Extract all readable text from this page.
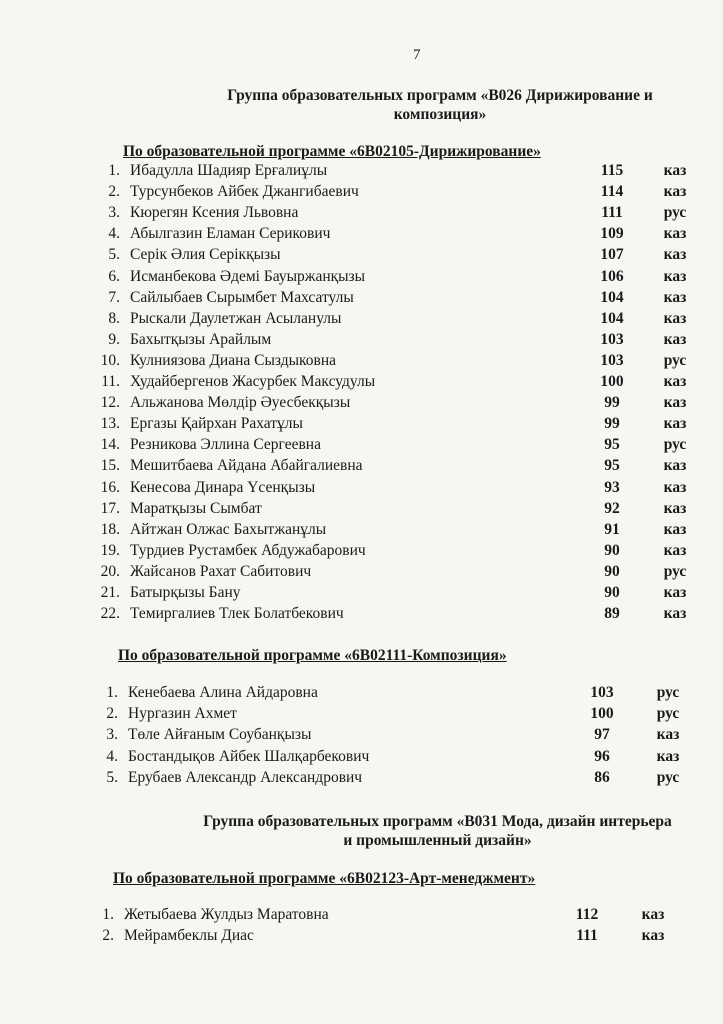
7
Группа образовательных программ «В026 Дирижирование и
композиция»
По образовательной программе «6В02105-Дирижирование»
1. Ибадулла Шадияр Ерғалиұлы	115	каз
2. Турсунбеков Айбек Джангибаевич	114	каз
3. Кюрегян Ксения Львовна	111	рус
4. Абылгазин Еламан Серикович	109	каз
5. Серік Әлия Серікқызы	107	каз
6. Исманбекова Әдемі Бауыржанқызы	106	каз
7. Сайлыбаев Сырымбет Махсатулы	104	каз
8. Рыскали Даулетжан Асыланулы	104	каз
9. Бахытқызы Арайлым	103	каз
10. Кулниязова Диана Сыздыковна	103	рус
11. Худайбергенов Жасурбек Максудулы	100	каз
12. Альжанова Мөлдір Әуесбекқызы	99	каз
13. Ергазы Қайрхан Рахатұлы	99	каз
14. Резникова Эллина Сергеевна	95	рус
15. Мешитбаева Айдана Абайгалиевна	95	каз
16. Кенесова Динара Үсенқызы	93	каз
17. Маратқызы Сымбат	92	каз
18. Айтжан Олжас Бахытжанұлы	91	каз
19. Турдиев Рустамбек Абдужабарович	90	каз
20. Жайсанов Рахат Сабитович	90	рус
21. Батырқызы Бану	90	каз
22. Темиргалиев Тлек Болатбекович	89	каз
По образовательной программе «6В02111-Композиция»
1. Кенебаева Алина Айдаровна	103	рус
2. Нургазин Ахмет	100	рус
3. Төле Айғаным Соубанқызы	97	каз
4. Бостандықов Айбек Шалқарбекович	96	каз
5. Ерубаев Александр Александрович	86	рус
Группа образовательных программ «В031 Мода, дизайн интерьера
и промышленный дизайн»
По образовательной программе «6В02123-Арт-менеджмент»
1. Жетыбаева Жулдыз Маратовна	112	каз
2. Мейрамбеклы Диас	111	каз
